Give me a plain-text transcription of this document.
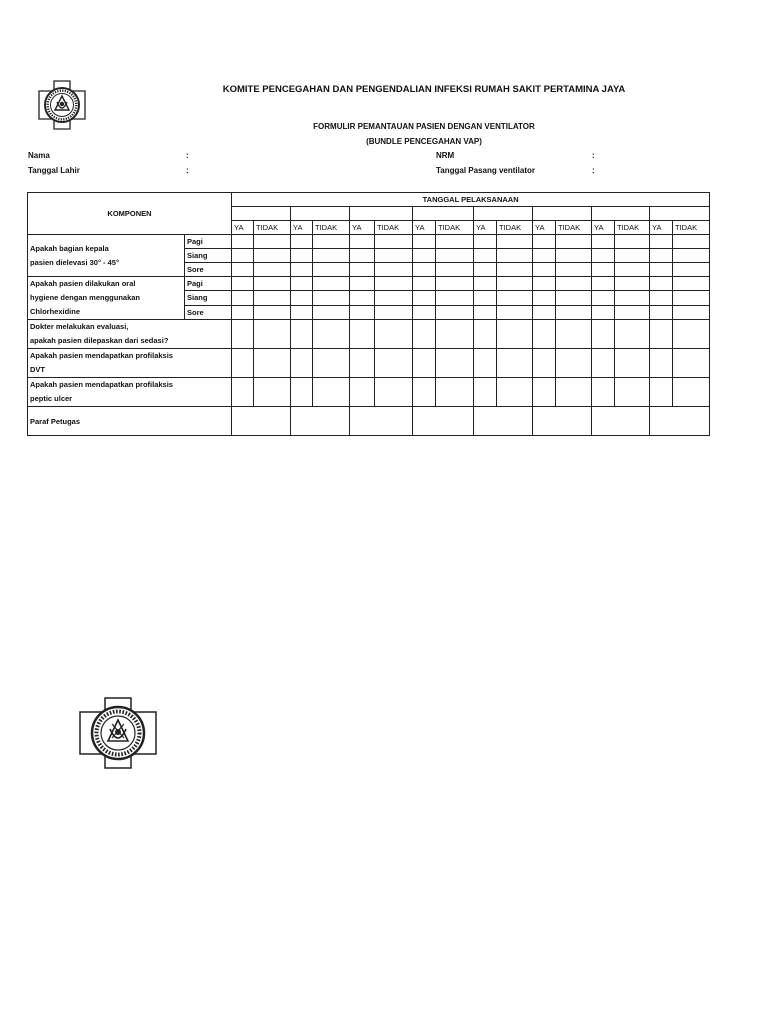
KOMITE PENCEGAHAN DAN PENGENDALIAN INFEKSI RUMAH SAKIT PERTAMINA JAYA
FORMULIR PEMANTAUAN PASIEN DENGAN VENTILATOR
(BUNDLE PENCEGAHAN VAP)
Nama	:	NRM	:
Tanggal Lahir	:	Tanggal Pasang ventilator	:
KOMPONEN		TANGGAL PELAKSANAAN															

		YA	TIDAK	YA	TIDAK	YA	TIDAK	YA	TIDAK	YA	TIDAK	YA	TIDAK	YA	TIDAK	YA	TIDAK

Apakah bagian kepala
pasien dielevasi 30° - 45°	Pagi																
	Siang																
	Sore																

Apakah pasien dilakukan oral
hygiene dengan menggunakan
Chlorhexidine	Pagi																
	Siang																
	Sore																

Dokter melakukan evaluasi,
apakah pasien dilepaskan dari sedasi?																	

Apakah pasien mendapatkan profilaksis
DVT																	

Apakah pasien mendapatkan profilaksis
peptic ulcer																	

Paraf Petugas																	
